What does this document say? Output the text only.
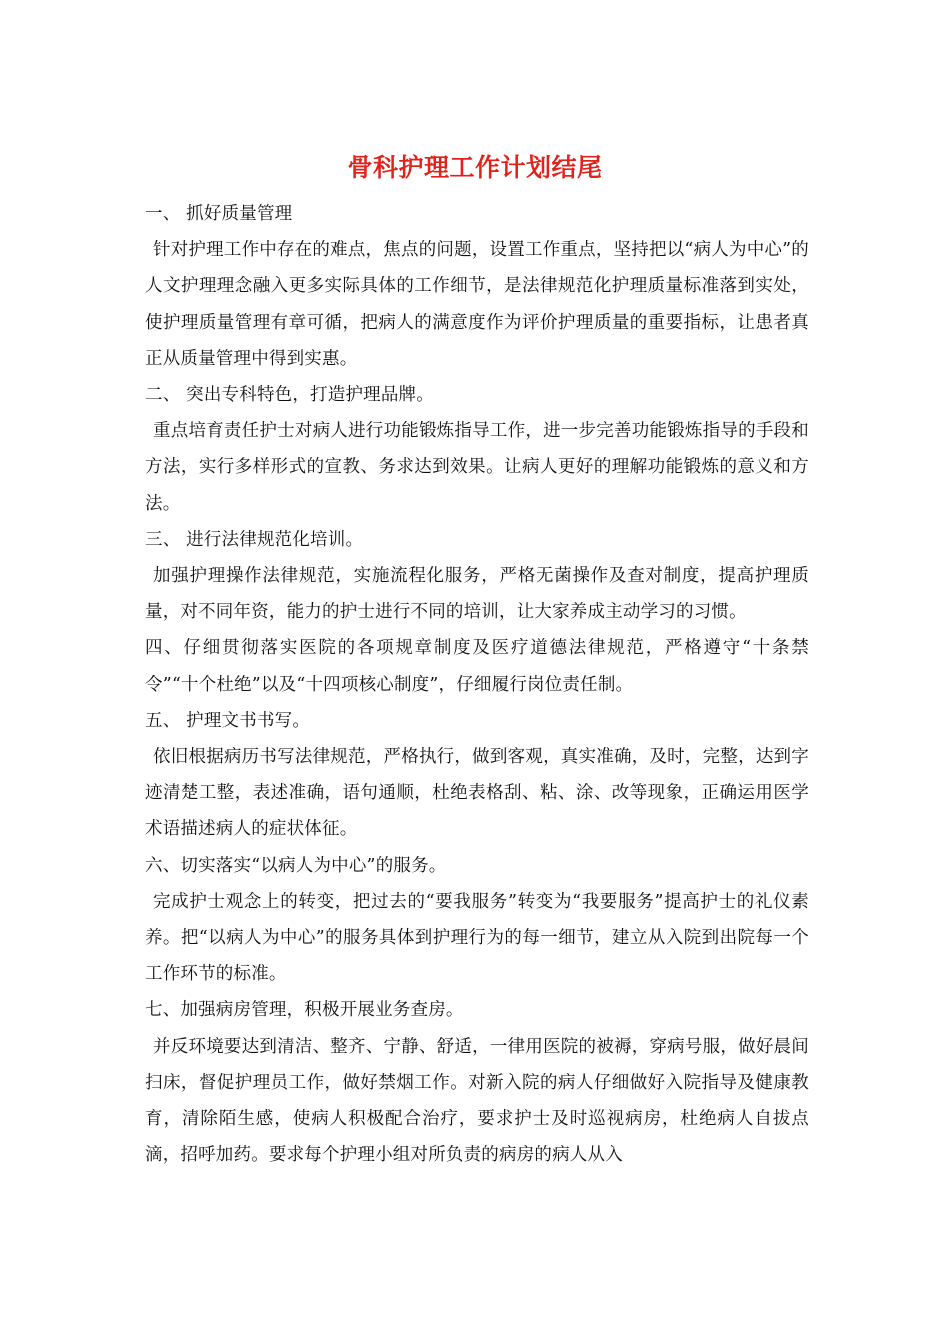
骨科护理工作计划结尾

一、 抓好质量管理

针对护理工作中存在的难点，焦点的问题，设置工作重点，坚持把以“病人为中心”的人文护理理念融入更多实际具体的工作细节，是法律规范化护理质量标准落到实处，使护理质量管理有章可循，把病人的满意度作为评价护理质量的重要指标，让患者真正从质量管理中得到实惠。

二、 突出专科特色，打造护理品牌。

重点培育责任护士对病人进行功能锻炼指导工作，进一步完善功能锻炼指导的手段和方法，实行多样形式的宣教、务求达到效果。让病人更好的理解功能锻炼的意义和方法。

三、 进行法律规范化培训。

加强护理操作法律规范，实施流程化服务，严格无菌操作及查对制度，提高护理质量，对不同年资，能力的护士进行不同的培训，让大家养成主动学习的习惯。

四、仔细贯彻落实医院的各项规章制度及医疗道德法律规范，严格遵守“十条禁令”“十个杜绝”以及“十四项核心制度”，仔细履行岗位责任制。

五、 护理文书书写。

依旧根据病历书写法律规范，严格执行，做到客观，真实准确，及时，完整，达到字迹清楚工整，表述准确，语句通顺，杜绝表格刮、粘、涂、改等现象，正确运用医学术语描述病人的症状体征。

六、切实落实“以病人为中心”的服务。

完成护士观念上的转变，把过去的“要我服务”转变为“我要服务”提高护士的礼仪素养。把“以病人为中心”的服务具体到护理行为的每一细节，建立从入院到出院每一个工作环节的标准。

七、加强病房管理，积极开展业务查房。

并反环境要达到清洁、整齐、宁静、舒适，一律用医院的被褥，穿病号服，做好晨间扫床，督促护理员工作，做好禁烟工作。对新入院的病人仔细做好入院指导及健康教育，清除陌生感，使病人积极配合治疗，要求护士及时巡视病房，杜绝病人自拔点滴，招呼加药。要求每个护理小组对所负责的病房的病人从入
